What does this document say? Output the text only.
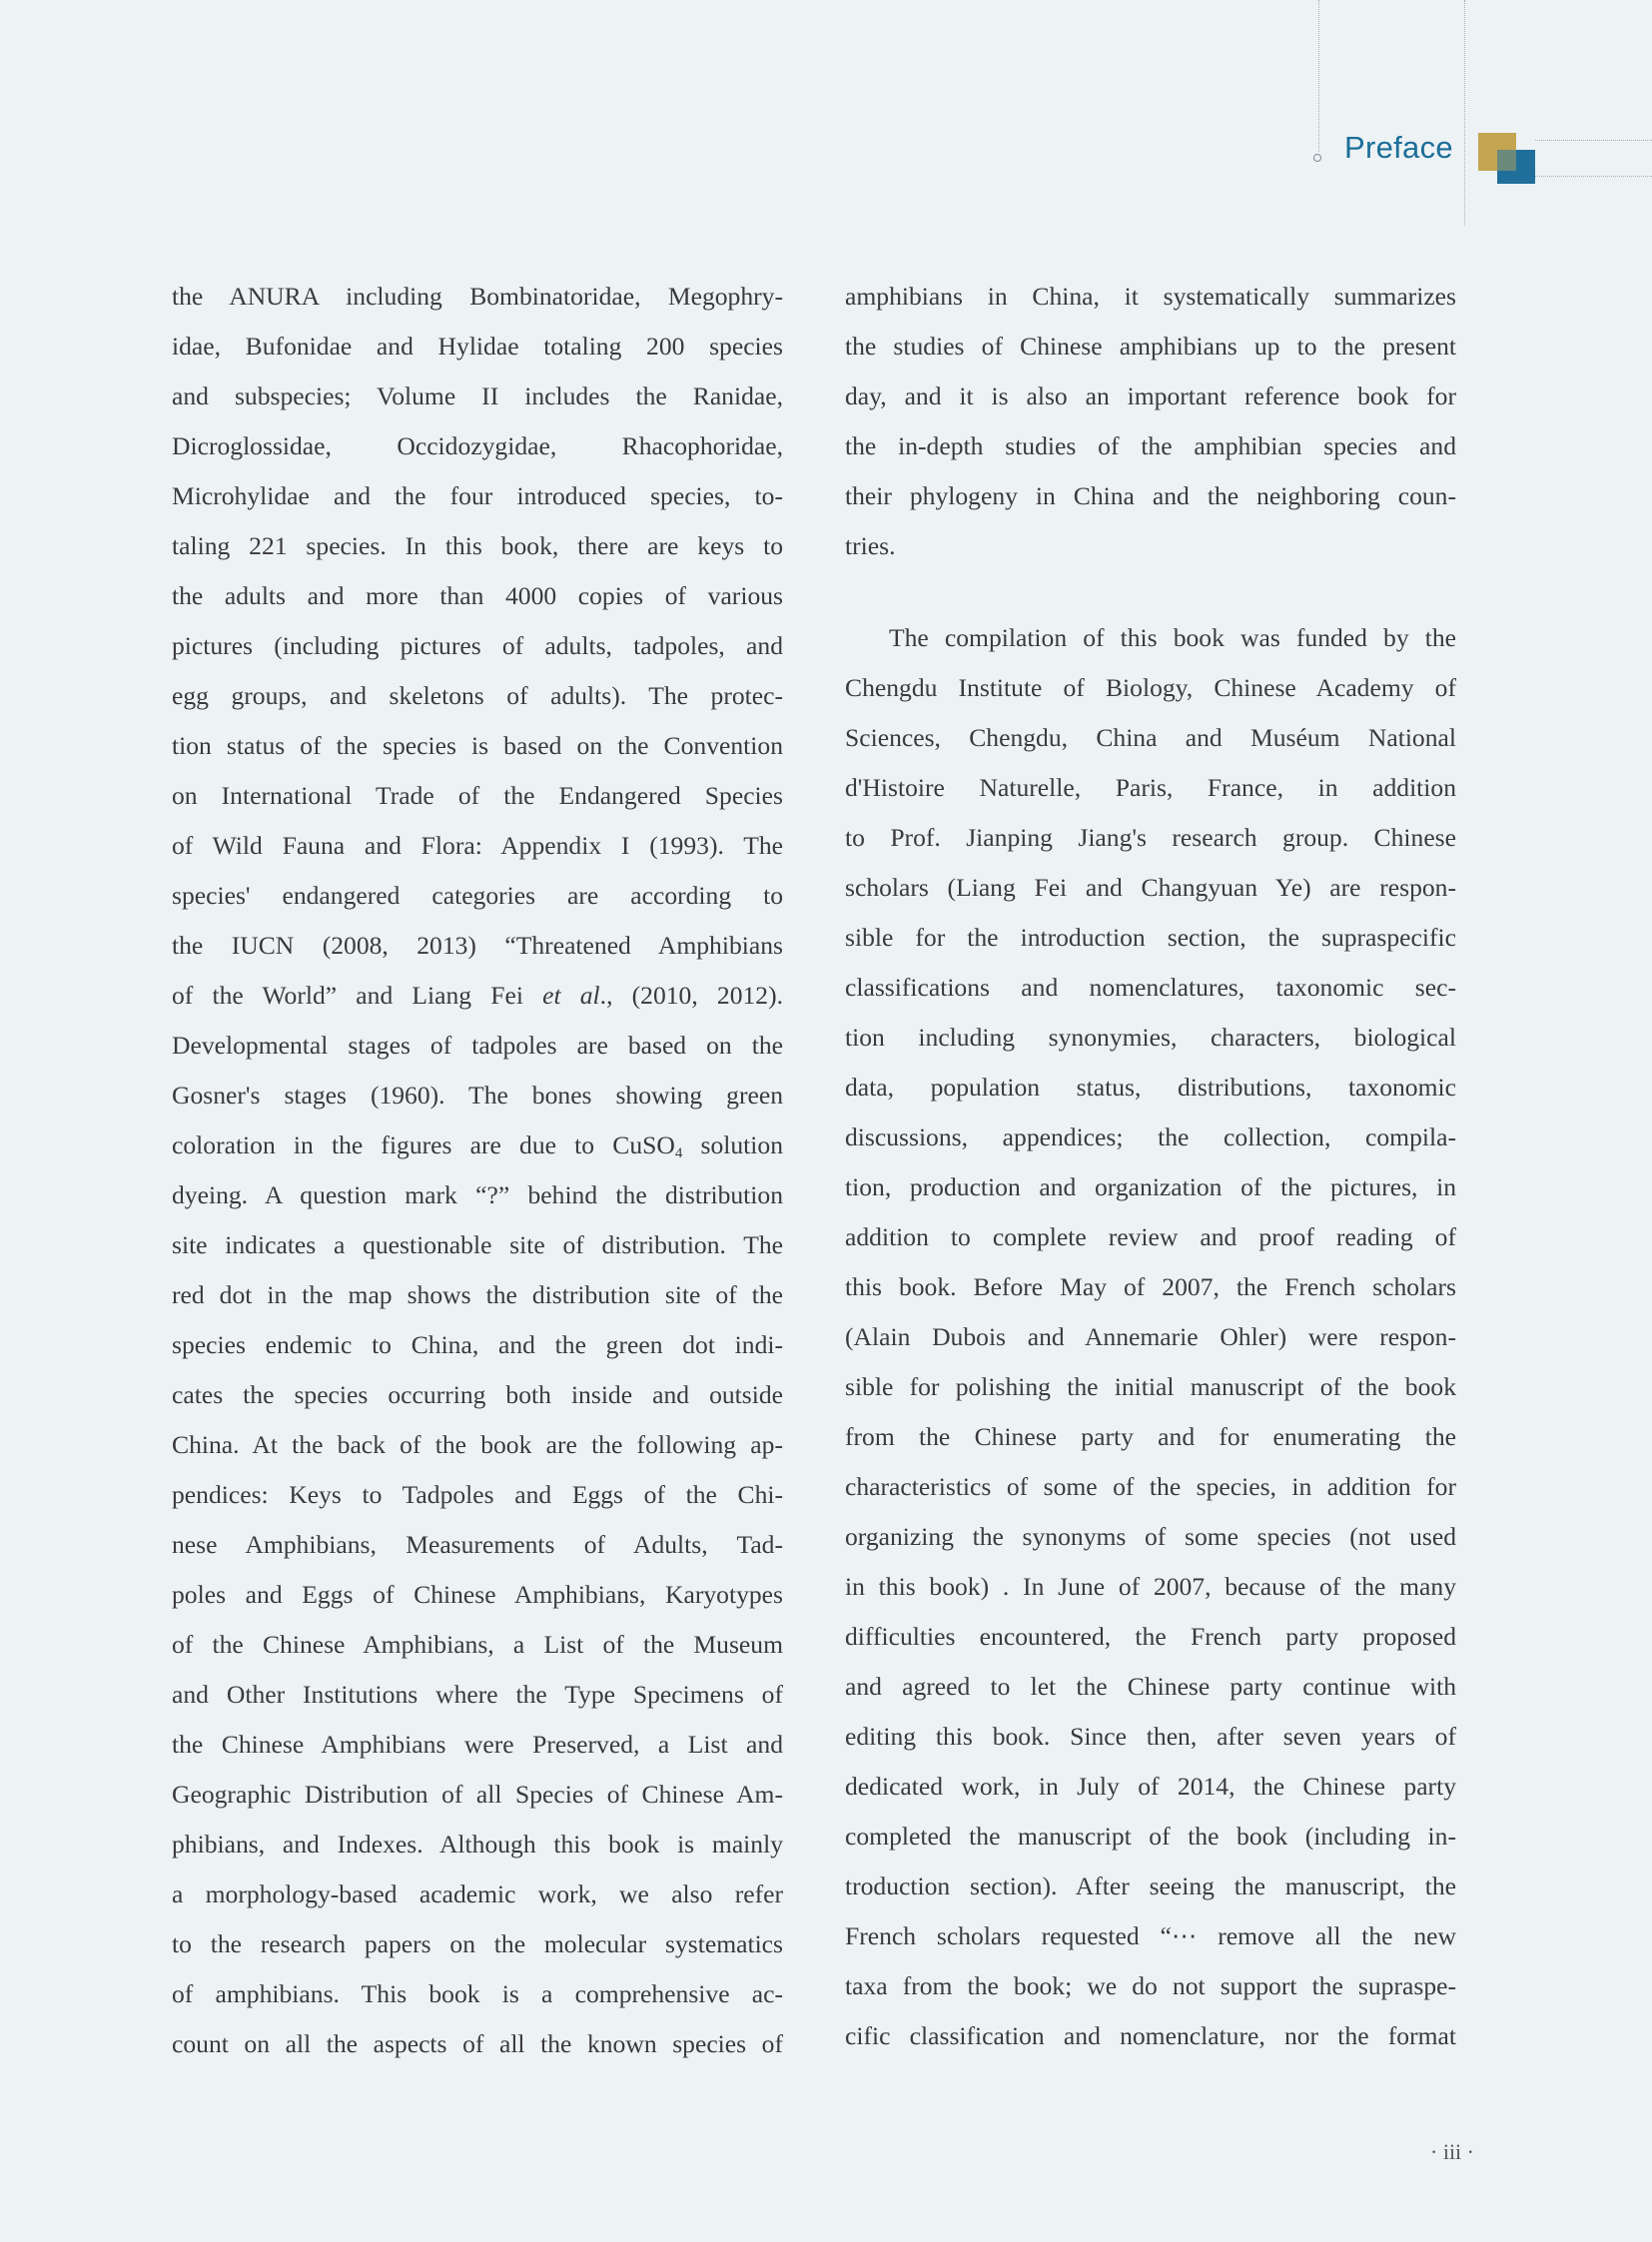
Preface
the ANURA including Bombinatoridae, Megophry-
idae, Bufonidae and Hylidae totaling 200 species
and subspecies; Volume II includes the Ranidae,
Dicroglossidae, Occidozygidae, Rhacophoridae,
Microhylidae and the four introduced species, to-
taling 221 species. In this book, there are keys to
the adults and more than 4000 copies of various
pictures (including pictures of adults, tadpoles, and
egg groups, and skeletons of adults). The protec-
tion status of the species is based on the Convention
on International Trade of the Endangered Species
of Wild Fauna and Flora: Appendix I (1993). The
species' endangered categories are according to
the IUCN (2008, 2013) “Threatened Amphibians
of the World” and Liang Fei et al., (2010, 2012).
Developmental stages of tadpoles are based on the
Gosner's stages (1960). The bones showing green
coloration in the figures are due to CuSO$_4$ solution
dyeing. A question mark “?” behind the distribution
site indicates a questionable site of distribution. The
red dot in the map shows the distribution site of the
species endemic to China, and the green dot indi-
cates the species occurring both inside and outside
China. At the back of the book are the following ap-
pendices: Keys to Tadpoles and Eggs of the Chi-
nese Amphibians, Measurements of Adults, Tad-
poles and Eggs of Chinese Amphibians, Karyotypes
of the Chinese Amphibians, a List of the Museum
and Other Institutions where the Type Specimens of
the Chinese Amphibians were Preserved, a List and
Geographic Distribution of all Species of Chinese Am-
phibians, and Indexes. Although this book is mainly
a morphology-based academic work, we also refer
to the research papers on the molecular systematics
of amphibians. This book is a comprehensive ac-
count on all the aspects of all the known species of
amphibians in China, it systematically summarizes
the studies of Chinese amphibians up to the present
day, and it is also an important reference book for
the in-depth studies of the amphibian species and
their phylogeny in China and the neighboring coun-
tries.
The compilation of this book was funded by the
Chengdu Institute of Biology, Chinese Academy of
Sciences, Chengdu, China and Muséum National
d'Histoire Naturelle, Paris, France, in addition
to Prof. Jianping Jiang's research group. Chinese
scholars (Liang Fei and Changyuan Ye) are respon-
sible for the introduction section, the supraspecific
classifications and nomenclatures, taxonomic sec-
tion including synonymies, characters, biological
data, population status, distributions, taxonomic
discussions, appendices; the collection, compila-
tion, production and organization of the pictures, in
addition to complete review and proof reading of
this book. Before May of 2007, the French scholars
(Alain Dubois and Annemarie Ohler) were respon-
sible for polishing the initial manuscript of the book
from the Chinese party and for enumerating the
characteristics of some of the species, in addition for
organizing the synonyms of some species (not used
in this book) . In June of 2007, because of the many
difficulties encountered, the French party proposed
and agreed to let the Chinese party continue with
editing this book. Since then, after seven years of
dedicated work, in July of 2014, the Chinese party
completed the manuscript of the book (including in-
troduction section). After seeing the manuscript, the
French scholars requested “⋯ remove all the new
taxa from the book; we do not support the supraspe-
cific classification and nomenclature, nor the format
· iii ·
